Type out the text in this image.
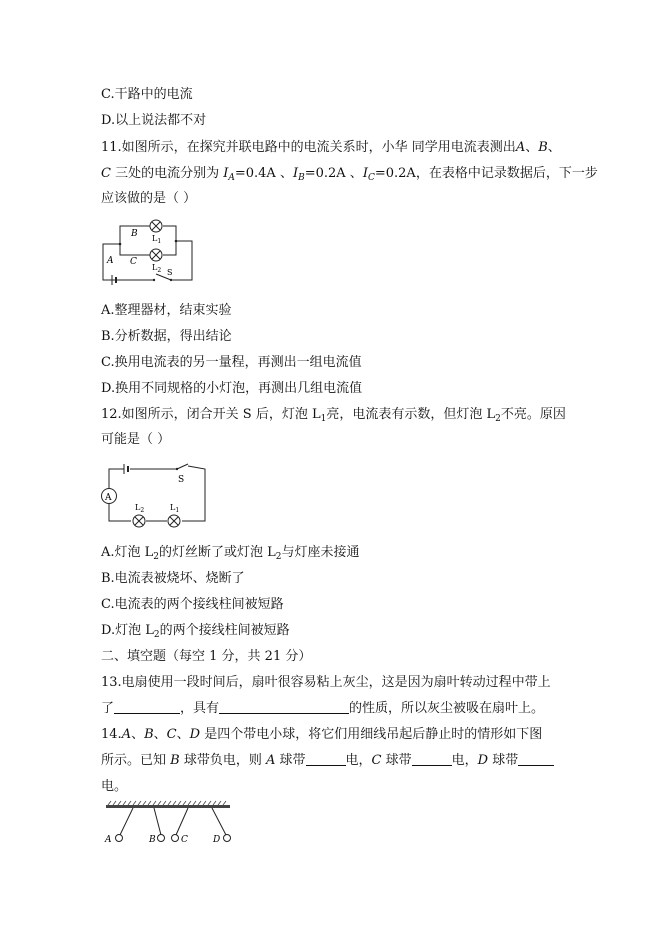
C.干路中的电流
D.以上说法都不对
11.如图所示，在探究并联电路中的电流关系时，小华 同学用电流表测出A、B、
C 三处的电流分别为 $I_A=0.4A$ 、$I_B=0.2A$ 、$I_C=0.2A$，在表格中记录数据后，下一步
应该做的是（ ）
B $L_1$
A C
$L_2$ S
A.整理器材，结束实验
B.分析数据，得出结论
C.换用电流表的另一量程，再测出一组电流值
D.换用不同规格的小灯泡，再测出几组电流值
12.如图所示，闭合开关 S 后，灯泡 $L_1$亮，电流表有示数，但灯泡 $L_2$不亮。原因
可能是（ ）
A
S
$L_2$	$L_1$
A.灯泡 $L_2$的灯丝断了或灯泡 $L_2$与灯座未接通
B.电流表被烧坏、烧断了
C.电流表的两个接线柱间被短路
D.灯泡 $L_2$的两个接线柱间被短路
二、填空题（每空 1 分，共 21 分）
13.电扇使用一段时间后，扇叶很容易粘上灰尘，这是因为扇叶转动过程中带上
了	，具有	的性质，所以灰尘被吸在扇叶上。
14.A、B、C、D 是四个带电小球，将它们用细线吊起后静止时的情形如下图
所示。已知 B 球带负电，则 A 球带	电，C 球带	电，D 球带
电。
A	B	C	D
